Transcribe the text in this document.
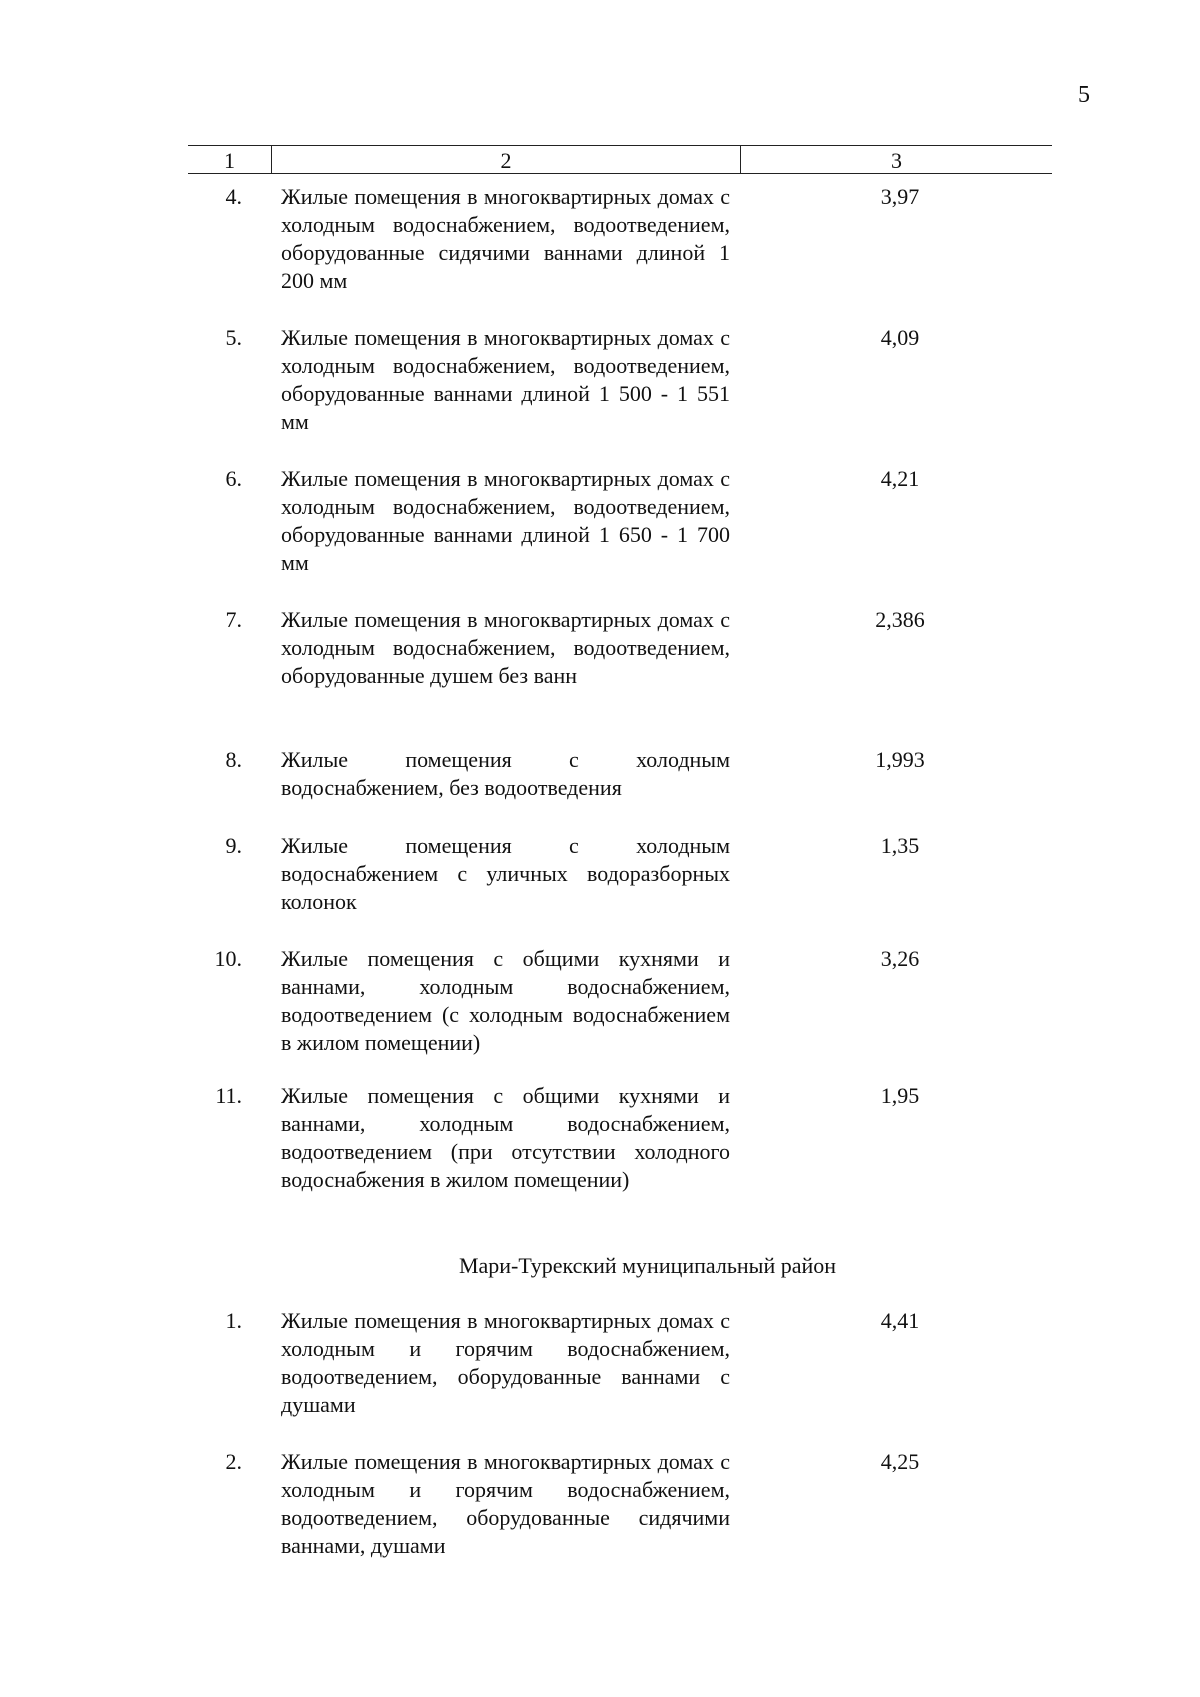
5
1	2	3
4. Жилые помещения в многоквартирных домах с холодным водоснабжением, водоотведением, оборудованные сидячими ваннами длиной 1 200 мм
3,97
5. Жилые помещения в многоквартирных домах с холодным водоснабжением, водоотведением, оборудованные ваннами длиной 1 500 - 1 551 мм
4,09
6. Жилые помещения в многоквартирных домах с холодным водоснабжением, водоотведением, оборудованные ваннами длиной 1 650 - 1 700 мм
4,21
7. Жилые помещения в многоквартирных домах с холодным водоснабжением, водоотведением, оборудованные душем без ванн
2,386
8. Жилые помещения с холодным водоснабжением, без водоотведения
1,993
9. Жилые помещения с холодным водоснабжением с уличных водоразборных колонок
1,35
10. Жилые помещения с общими кухнями и ваннами, холодным водоснабжением, водоотведением (с холодным водоснабжением в жилом помещении)
3,26
11. Жилые помещения с общими кухнями и ваннами, холодным водоснабжением, водоотведением (при отсутствии холодного водоснабжения в жилом помещении)
1,95
Мари-Турекский муниципальный район
1. Жилые помещения в многоквартирных домах с холодным и горячим водоснабжением, водоотведением, оборудованные ваннами с душами
4,41
2. Жилые помещения в многоквартирных домах с холодным и горячим водоснабжением, водоотведением, оборудованные сидячими ваннами, душами
4,25
